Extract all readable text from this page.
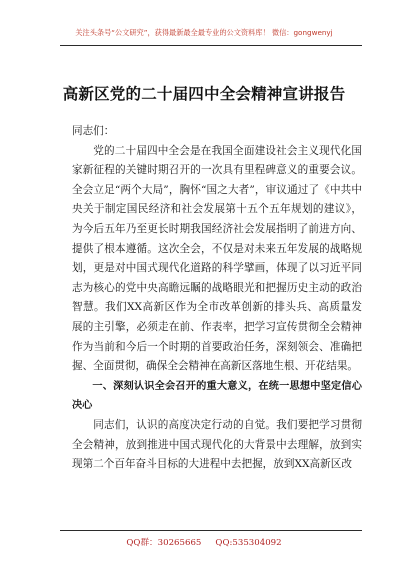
关注头条号“公文研究”，获得最新最全最专业的公文资料库！ 微信：gongwenyj
高新区党的二十届四中全会精神宣讲报告

同志们：

党的二十届四中全会是在我国全面建设社会主义现代化国家新征程的关键时期召开的一次具有里程碑意义的重要会议。全会立足“两个大局”，胸怀“国之大者”，审议通过了《中共中央关于制定国民经济和社会发展第十五个五年规划的建议》，为今后五年乃至更长时期我国经济社会发展指明了前进方向、提供了根本遵循。这次全会，不仅是对未来五年发展的战略规划，更是对中国式现代化道路的科学擘画，体现了以习近平同志为核心的党中央高瞻远瞩的战略眼光和把握历史主动的政治智慧。我们XX高新区作为全市改革创新的排头兵、高质量发展的主引擎，必须走在前、作表率，把学习宣传贯彻全会精神作为当前和今后一个时期的首要政治任务，深刻领会、准确把握、全面贯彻，确保全会精神在高新区落地生根、开花结果。

一、深刻认识全会召开的重大意义，在统一思想中坚定信心决心

同志们，认识的高度决定行动的自觉。我们要把学习贯彻全会精神，放到推进中国式现代化的大背景中去理解，放到实现第二个百年奋斗目标的大进程中去把握，放到XX高新区改

QQ群：30265665 QQ:535304092
